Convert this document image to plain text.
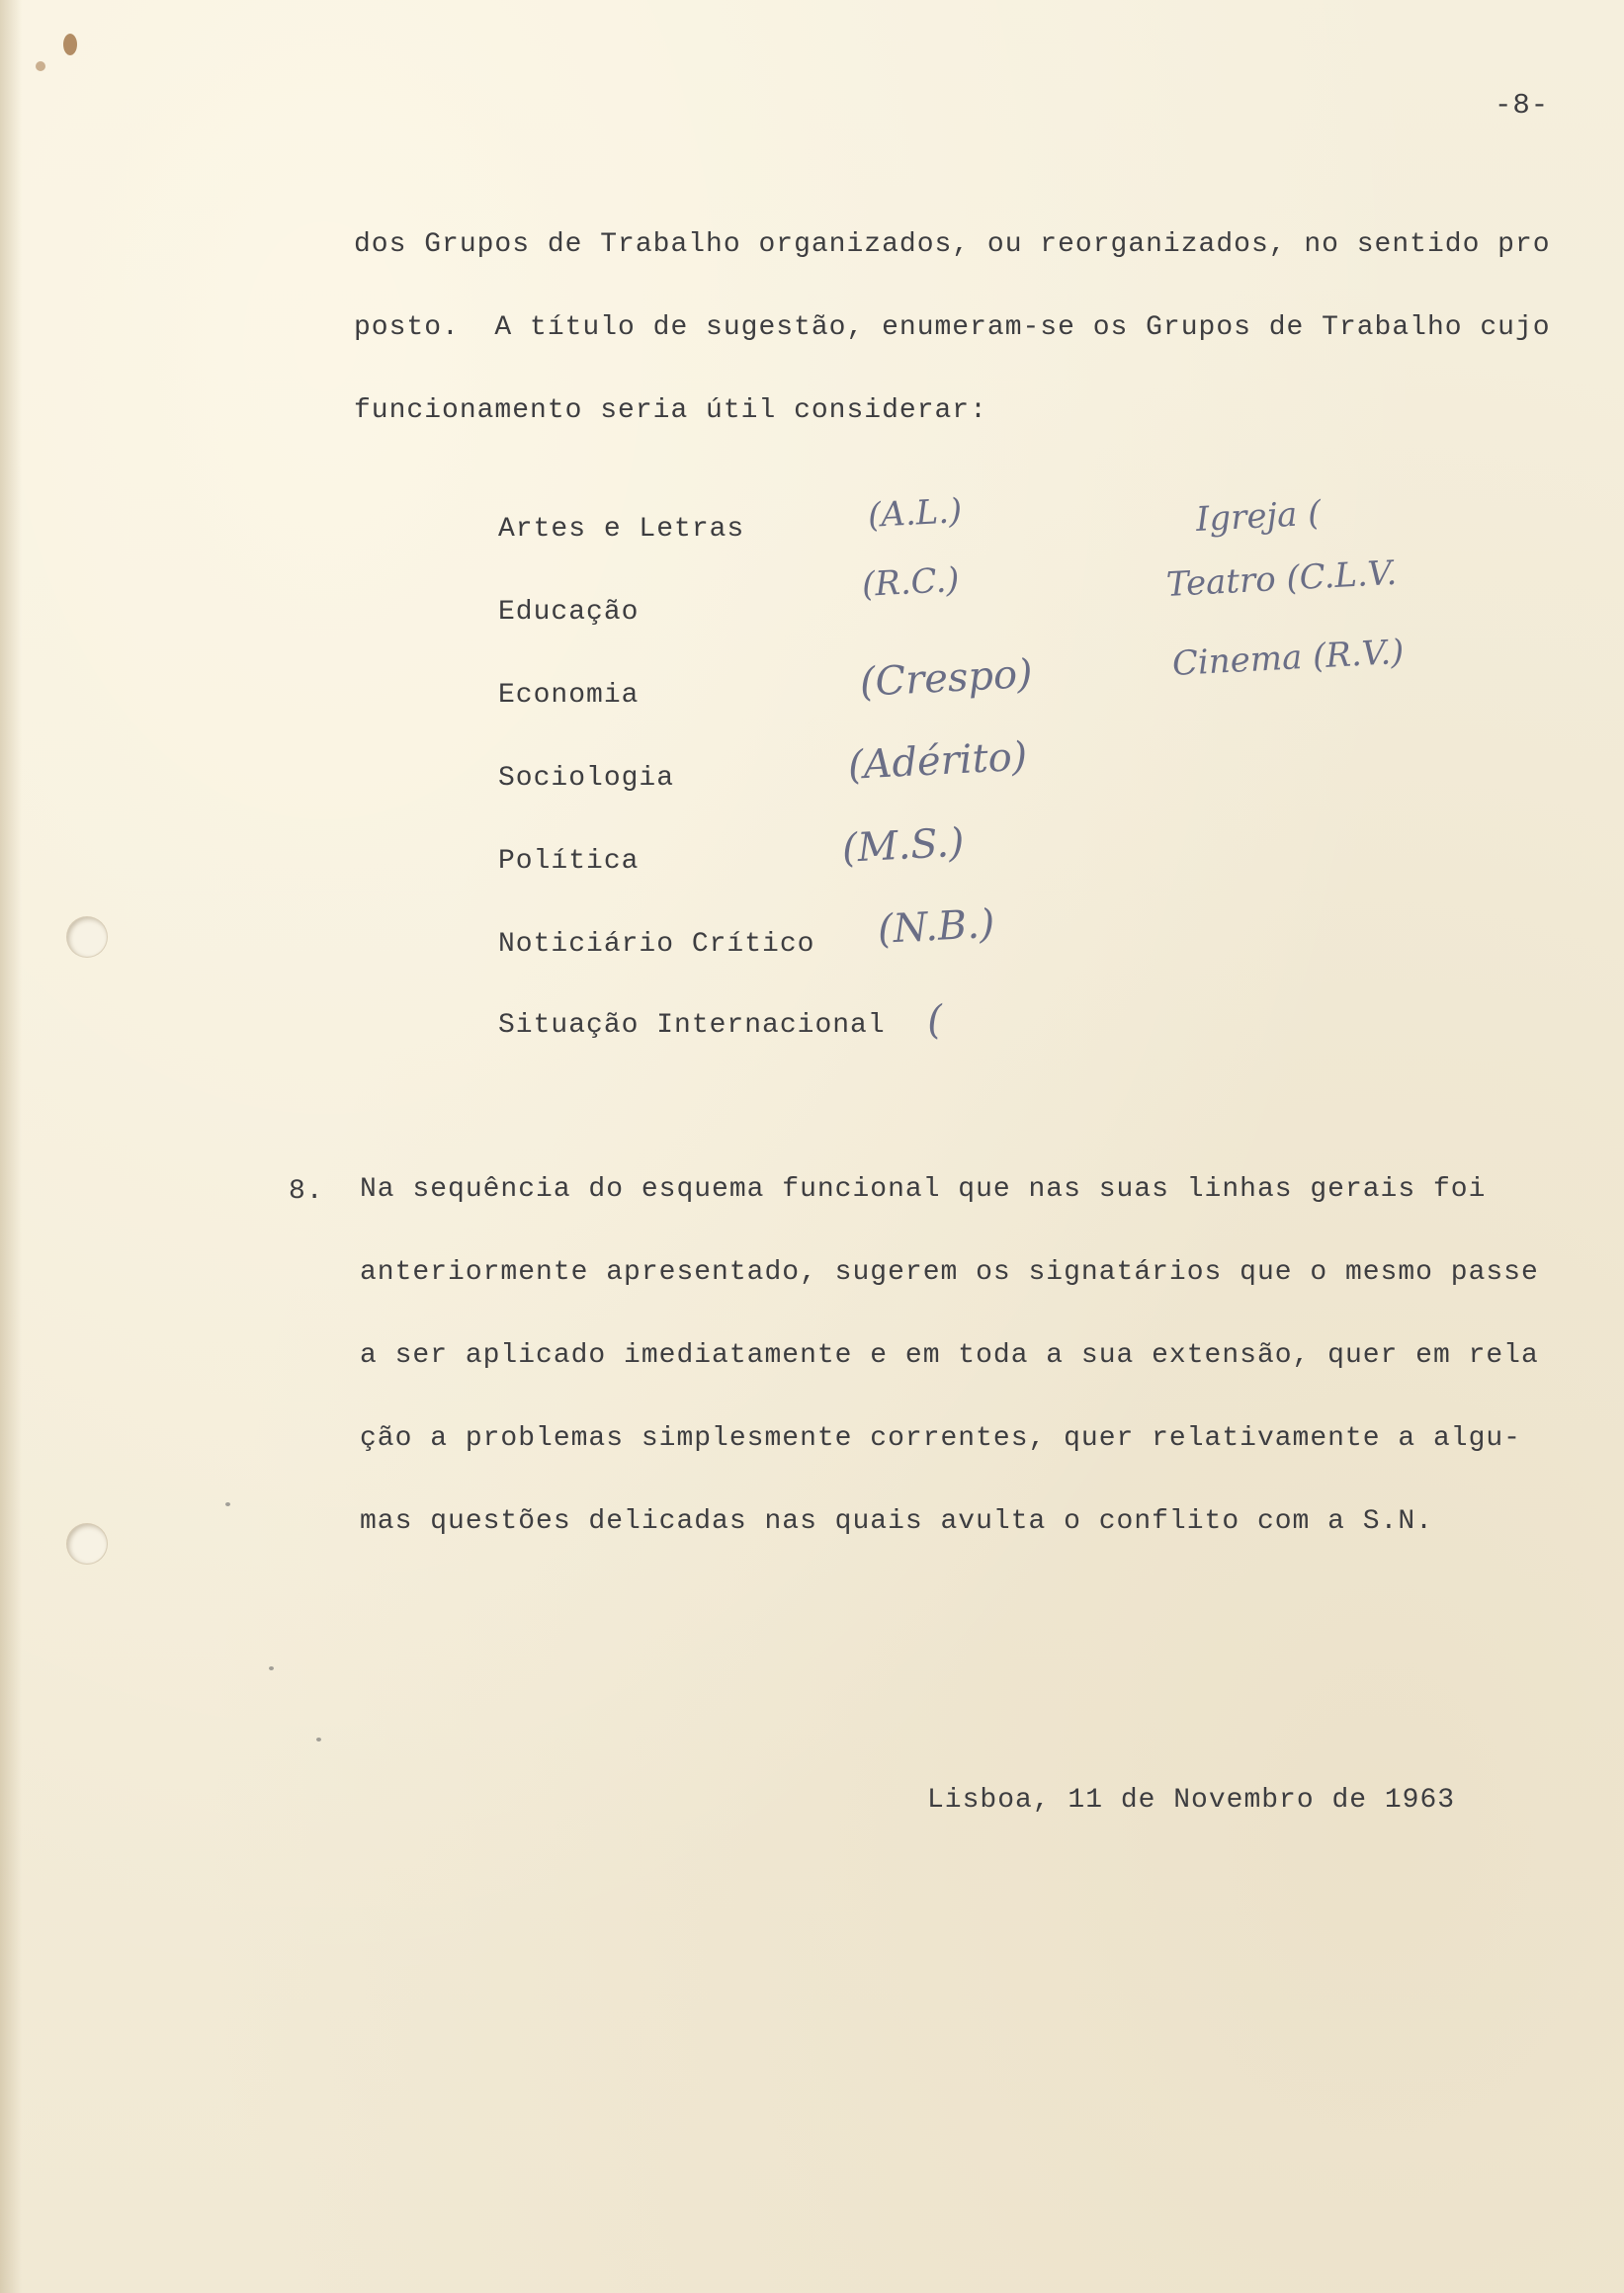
-8-
dos Grupos de Trabalho organizados, ou reorganizados, no sentido pro
posto.  A título de sugestão, enumeram-se os Grupos de Trabalho cujo
funcionamento seria útil considerar:
Artes e Letras
Educação
Economia
Sociologia
Política
Noticiário Crítico
Situação Internacional
(A.L.)
(R.C.)
(Crespo)
(Adérito)
(M.S.)
(N.B.)
(
Igreja (
Teatro (C.L.V.
Cinema (R.V.)
8. Na sequência do esquema funcional que nas suas linhas gerais foi
anteriormente apresentado, sugerem os signatários que o mesmo passe
a ser aplicado imediatamente e em toda a sua extensão, quer em rela
ção a problemas simplesmente correntes, quer relativamente a algu-
mas questões delicadas nas quais avulta o conflito com a S.N.
Lisboa, 11 de Novembro de 1963
